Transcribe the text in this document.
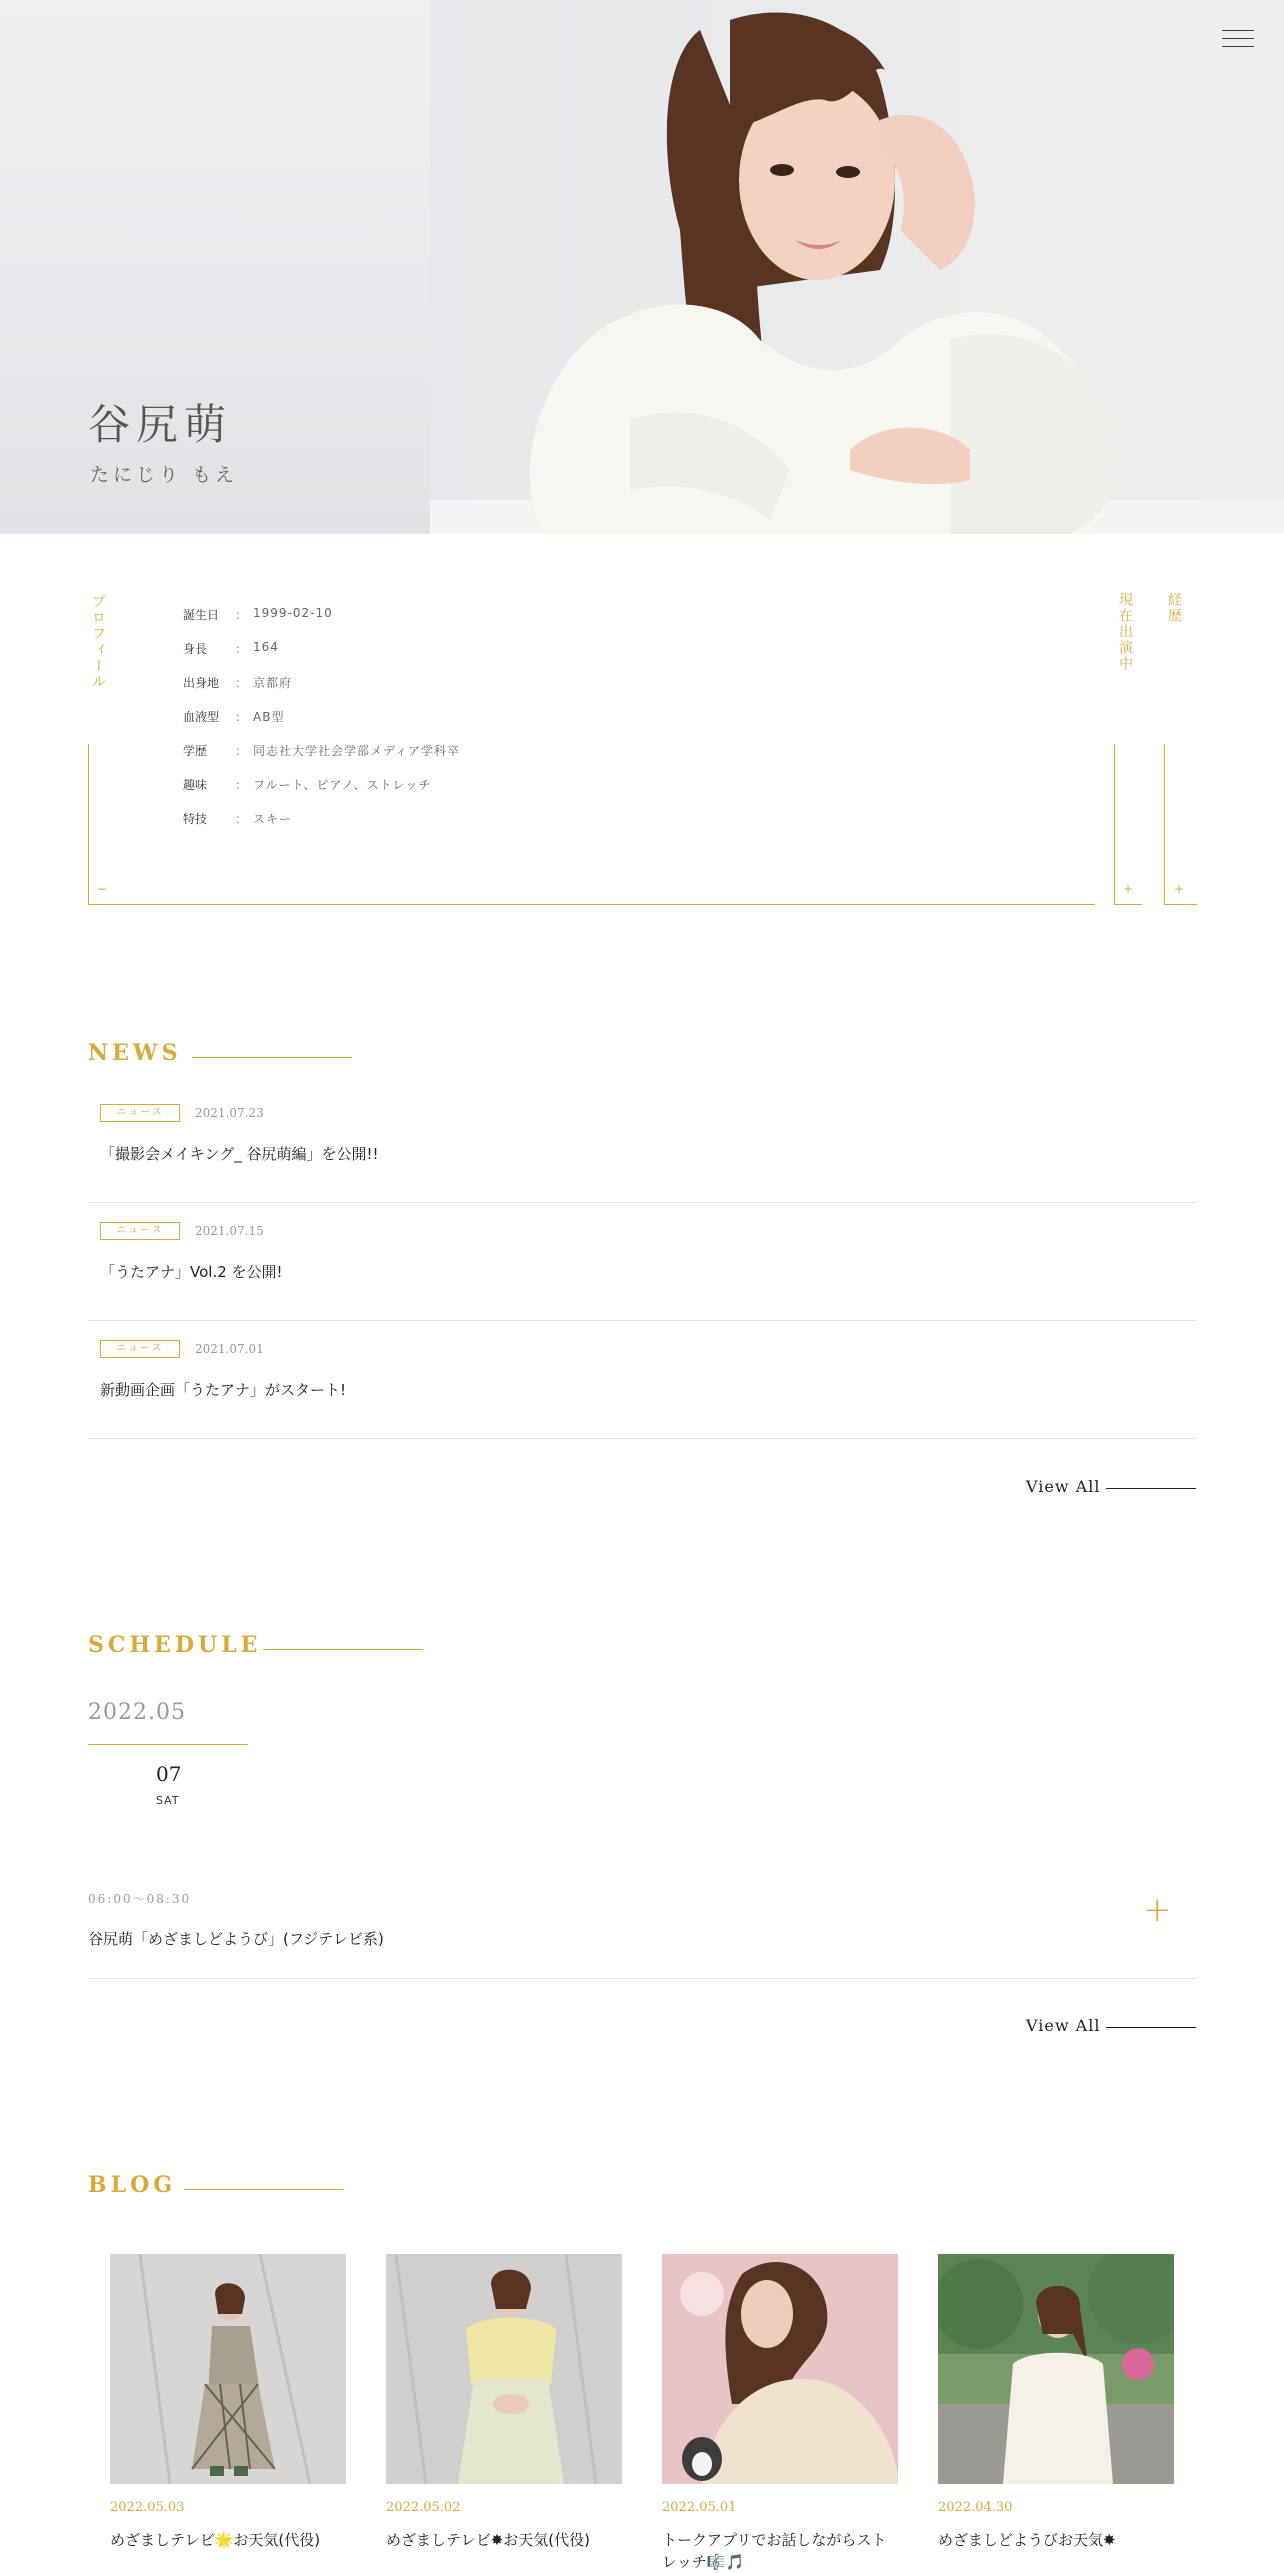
谷尻萌
たにじり もえ
プロフィール	現在出演中 経歴
−	+	+
誕生日	： 1999-02-10
身長	： 164
出身地	： 京都府
血液型	： AB型
学歴	： 同志社大学社会学部メディア学科卒
趣味	： フルート、ピアノ、ストレッチ
特技	： スキー
NEWS
ニュース	2021.07.23
「撮影会メイキング_ 谷尻萌編」を公開!!
ニュース	2021.07.15
「うたアナ」Vol.2 を公開!
ニュース	2021.07.01
新動画企画「うたアナ」がスタート!
View All
SCHEDULE
2022.05
07
SAT
06:00〜08:30
谷尻萌「めざましどようび」(フジテレビ系)
+
View All
BLOG
2022.05.03
めざましテレビ🌟お天気(代役)
2022.05.02
めざましテレビ✸お天気(代役)
2022.05.01
トークアプリでお話しながらストレッチ🎼🎵
2022.04.30
めざましどようびお天気✸
